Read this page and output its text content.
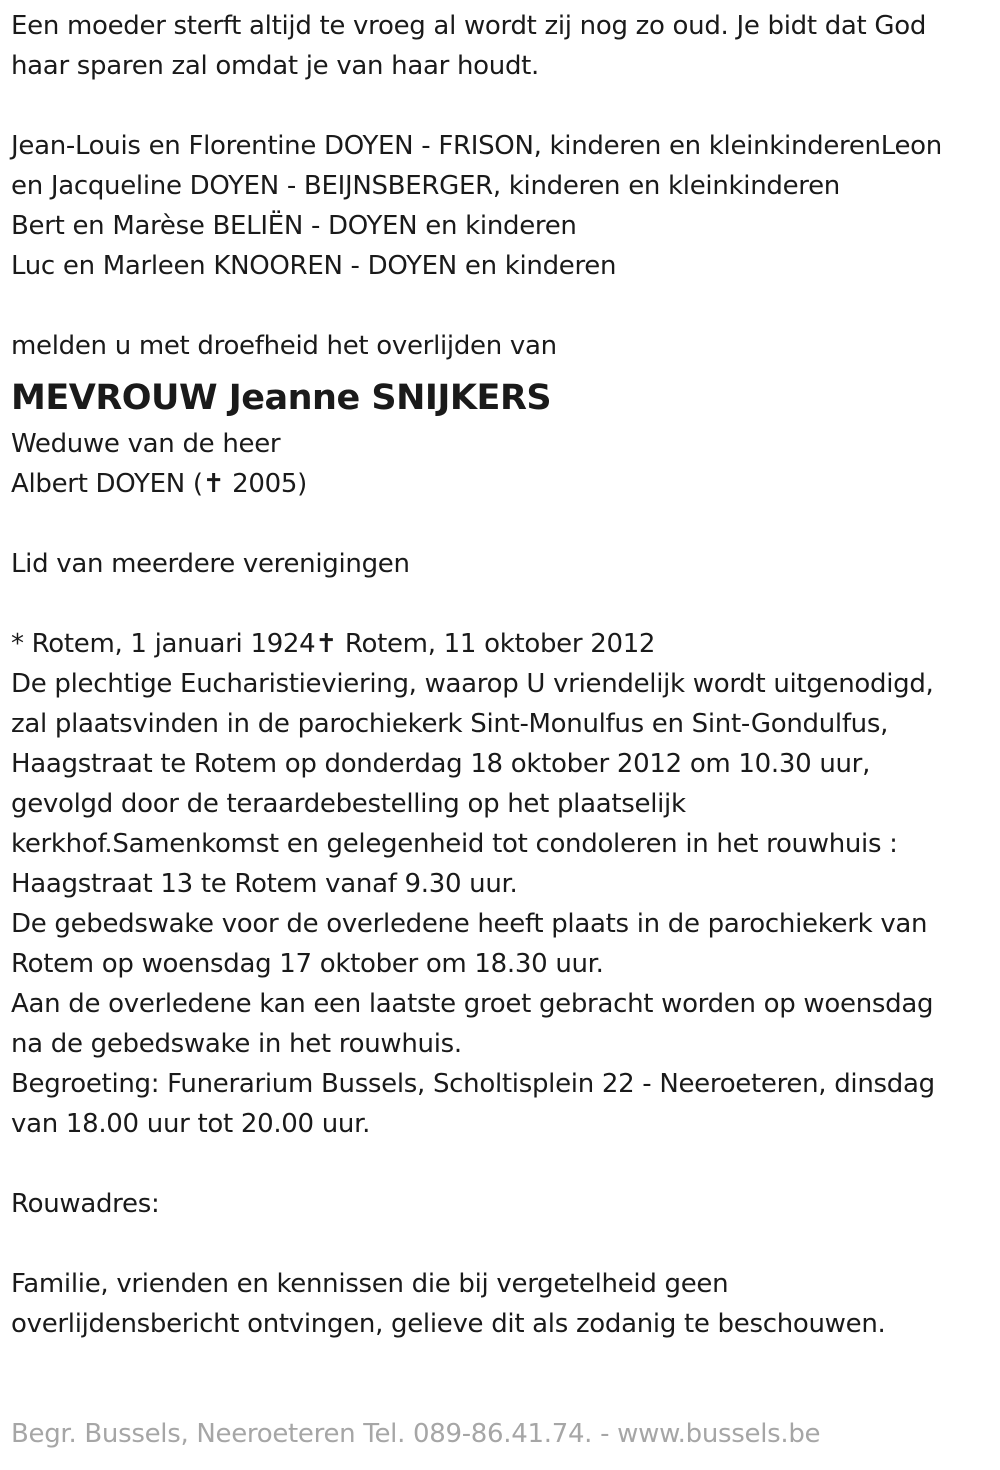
Een moeder sterft altijd te vroeg al wordt zij nog zo oud. Je bidt dat God
haar sparen zal omdat je van haar houdt.
Jean-Louis en Florentine DOYEN - FRISON, kinderen en kleinkinderenLeon
en Jacqueline DOYEN - BEIJNSBERGER, kinderen en kleinkinderen
Bert en Marèse BELIËN - DOYEN en kinderen
Luc en Marleen KNOOREN - DOYEN en kinderen
melden u met droefheid het overlijden van
MEVROUW Jeanne SNIJKERS
Weduwe van de heer
Albert DOYEN (✝ 2005)
Lid van meerdere verenigingen
* Rotem, 1 januari 1924✝ Rotem, 11 oktober 2012
De plechtige Eucharistieviering, waarop U vriendelijk wordt uitgenodigd,
zal plaatsvinden in de parochiekerk Sint-Monulfus en Sint-Gondulfus,
Haagstraat te Rotem op donderdag 18 oktober 2012 om 10.30 uur,
gevolgd door de teraardebestelling op het plaatselijk
kerkhof.Samenkomst en gelegenheid tot condoleren in het rouwhuis :
Haagstraat 13 te Rotem vanaf 9.30 uur.
De gebedswake voor de overledene heeft plaats in de parochiekerk van
Rotem op woensdag 17 oktober om 18.30 uur.
Aan de overledene kan een laatste groet gebracht worden op woensdag
na de gebedswake in het rouwhuis.
Begroeting: Funerarium Bussels, Scholtisplein 22 - Neeroeteren, dinsdag
van 18.00 uur tot 20.00 uur.
Rouwadres:
Familie, vrienden en kennissen die bij vergetelheid geen
overlijdensbericht ontvingen, gelieve dit als zodanig te beschouwen.
Begr. Bussels, Neeroeteren Tel. 089-86.41.74. - www.bussels.be
